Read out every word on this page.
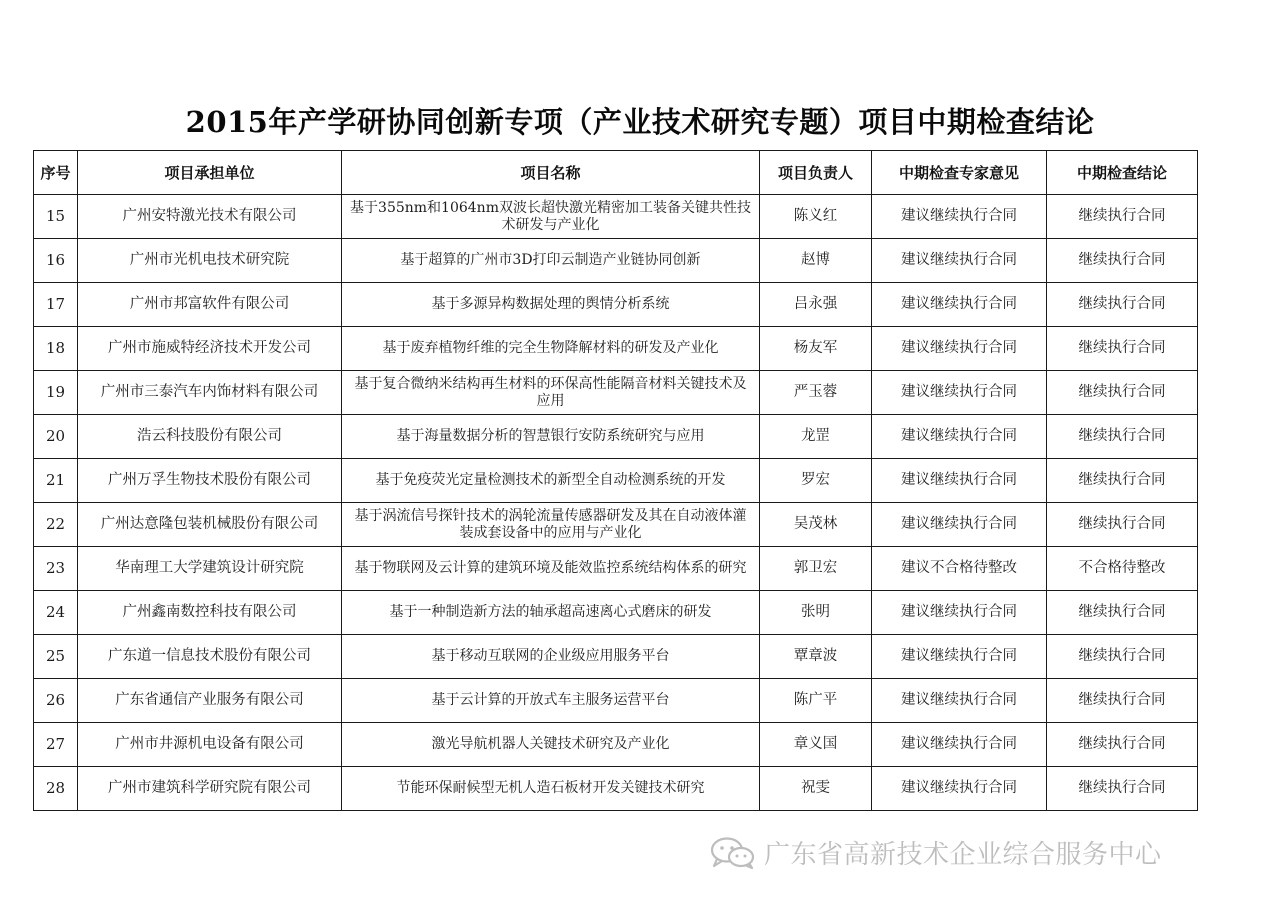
2015年产学研协同创新专项（产业技术研究专题）项目中期检查结论
序号	项目承担单位	项目名称	项目负责人	中期检查专家意见	中期检查结论
15	广州安特激光技术有限公司	基于355nm和1064nm双波长超快激光精密加工装备关键共性技术研发与产业化	陈义红	建议继续执行合同	继续执行合同
16	广州市光机电技术研究院	基于超算的广州市3D打印云制造产业链协同创新	赵博	建议继续执行合同	继续执行合同
17	广州市邦富软件有限公司	基于多源异构数据处理的舆情分析系统	吕永强	建议继续执行合同	继续执行合同
18	广州市施威特经济技术开发公司	基于废弃植物纤维的完全生物降解材料的研发及产业化	杨友军	建议继续执行合同	继续执行合同
19	广州市三泰汽车内饰材料有限公司	基于复合微纳米结构再生材料的环保高性能隔音材料关键技术及应用	严玉蓉	建议继续执行合同	继续执行合同
20	浩云科技股份有限公司	基于海量数据分析的智慧银行安防系统研究与应用	龙罡	建议继续执行合同	继续执行合同
21	广州万孚生物技术股份有限公司	基于免疫荧光定量检测技术的新型全自动检测系统的开发	罗宏	建议继续执行合同	继续执行合同
22	广州达意隆包装机械股份有限公司	基于涡流信号探针技术的涡轮流量传感器研发及其在自动液体灌装成套设备中的应用与产业化	吴茂林	建议继续执行合同	继续执行合同
23	华南理工大学建筑设计研究院	基于物联网及云计算的建筑环境及能效监控系统结构体系的研究	郭卫宏	建议不合格待整改	不合格待整改
24	广州鑫南数控科技有限公司	基于一种制造新方法的轴承超高速离心式磨床的研发	张明	建议继续执行合同	继续执行合同
25	广东道一信息技术股份有限公司	基于移动互联网的企业级应用服务平台	覃章波	建议继续执行合同	继续执行合同
26	广东省通信产业服务有限公司	基于云计算的开放式车主服务运营平台	陈广平	建议继续执行合同	继续执行合同
27	广州市井源机电设备有限公司	激光导航机器人关键技术研究及产业化	章义国	建议继续执行合同	继续执行合同
28	广州市建筑科学研究院有限公司	节能环保耐候型无机人造石板材开发关键技术研究	祝雯	建议继续执行合同	继续执行合同
广东省高新技术企业综合服务中心
